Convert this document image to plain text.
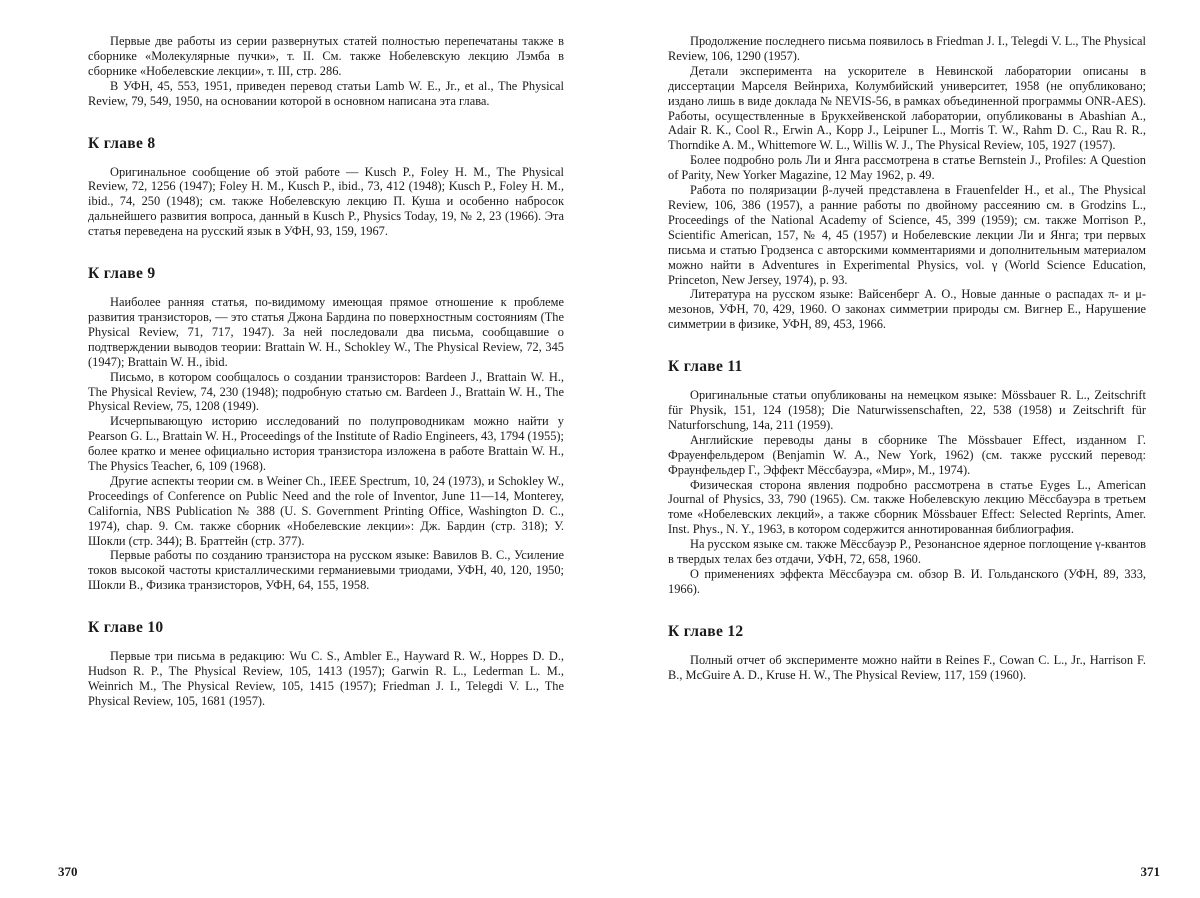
Первые две работы из серии развернутых статей полностью перепечатаны также в сборнике «Молекулярные пучки», т. II. См. также Нобелевскую лекцию Лэмба в сборнике «Нобелевские лекции», т. III, стр. 286.

В УФН, 45, 553, 1951, приведен перевод статьи Lamb W. E., Jr., et al., The Physical Review, 79, 549, 1950, на основании которой в основном написана эта глава.

К главе 8

Оригинальное сообщение об этой работе — Kusch P., Foley H. M., The Physical Review, 72, 1256 (1947); Foley H. M., Kusch P., ibid., 73, 412 (1948); Kusch P., Foley H. M., ibid., 74, 250 (1948); см. также Нобелевскую лекцию П. Куша и особенно набросок дальнейшего развития вопроса, данный в Kusch P., Physics Today, 19, № 2, 23 (1966). Эта статья переведена на русский язык в УФН, 93, 159, 1967.

К главе 9

Наиболее ранняя статья, по-видимому имеющая прямое отношение к проблеме развития транзисторов, — это статья Джона Бардина по поверхностным состояниям (The Physical Review, 71, 717, 1947). За ней последовали два письма, сообщавшие о подтверждении выводов теории: Brattain W. H., Schokley W., The Physical Review, 72, 345 (1947); Brattain W. H., ibid.

Письмо, в котором сообщалось о создании транзисторов: Bardeen J., Brattain W. H., The Physical Review, 74, 230 (1948); подробную статью см. Bardeen J., Brattain W. H., The Physical Review, 75, 1208 (1949).

Исчерпывающую историю исследований по полупроводникам можно найти у Pearson G. L., Brattain W. H., Proceedings of the Institute of Radio Engineers, 43, 1794 (1955); более кратко и менее официально история транзистора изложена в работе Brattain W. H., The Physics Teacher, 6, 109 (1968).

Другие аспекты теории см. в Weiner Ch., IEEE Spectrum, 10, 24 (1973), и Schokley W., Proceedings of Conference on Public Need and the role of Inventor, June 11—14, Monterey, California, NBS Publication № 388 (U. S. Government Printing Office, Washington D. C., 1974), chap. 9. См. также сборник «Нобелевские лекции»: Дж. Бардин (стр. 318); У. Шокли (стр. 344); В. Браттейн (стр. 377).

Первые работы по созданию транзистора на русском языке: Вавилов В. С., Усиление токов высокой частоты кристаллическими германиевыми триодами, УФН, 40, 120, 1950; Шокли В., Физика транзисторов, УФН, 64, 155, 1958.

К главе 10

Первые три письма в редакцию: Wu C. S., Ambler E., Hayward R. W., Hoppes D. D., Hudson R. P., The Physical Review, 105, 1413 (1957); Garwin R. L., Lederman L. M., Weinrich M., The Physical Review, 105, 1415 (1957); Friedman J. I., Telegdi V. L., The Physical Review, 105, 1681 (1957).

370

Продолжение последнего письма появилось в Friedman J. I., Telegdi V. L., The Physical Review, 106, 1290 (1957).

Детали эксперимента на ускорителе в Невинской лаборатории описаны в диссертации Марселя Вейнриха, Колумбийский университет, 1958 (не опубликовано; издано лишь в виде доклада № NEVIS-56, в рамках объединенной программы ONR-AES). Работы, осуществленные в Брукхейвенской лаборатории, опубликованы в Abashian A., Adair R. K., Cool R., Erwin A., Kopp J., Leipuner L., Morris T. W., Rahm D. C., Rau R. R., Thorndike A. M., Whittemore W. L., Willis W. J., The Physical Review, 105, 1927 (1957).

Более подробно роль Ли и Янга рассмотрена в статье Bernstein J., Profiles: A Question of Parity, New Yorker Magazine, 12 May 1962, p. 49.

Работа по поляризации β-лучей представлена в Frauenfelder H., et al., The Physical Review, 106, 386 (1957), а ранние работы по двойному рассеянию см. в Grodzins L., Proceedings of the National Academy of Science, 45, 399 (1959); см. также Morrison P., Scientific American, 157, № 4, 45 (1957) и Нобелевские лекции Ли и Янга; три первых письма и статью Гродзенса с авторскими комментариями и дополнительным материалом можно найти в Adventures in Experimental Physics, vol. γ (World Science Education, Princeton, New Jersey, 1974), p. 93.

Литература на русском языке: Вайсенберг А. О., Новые данные о распадах π- и μ-мезонов, УФН, 70, 429, 1960. О законах симметрии природы см. Вигнер Е., Нарушение симметрии в физике, УФН, 89, 453, 1966.

К главе 11

Оригинальные статьи опубликованы на немецком языке: Mössbauer R. L., Zeitschrift für Physik, 151, 124 (1958); Die Naturwissenschaften, 22, 538 (1958) и Zeitschrift für Naturforschung, 14a, 211 (1959).

Английские переводы даны в сборнике The Mössbauer Effect, изданном Г. Фрауенфельдером (Benjamin W. A., New York, 1962) (см. также русский перевод: Фраунфельдер Г., Эффект Мёссбауэра, «Мир», М., 1974).

Физическая сторона явления подробно рассмотрена в статье Eyges L., American Journal of Physics, 33, 790 (1965). См. также Нобелевскую лекцию Мёссбауэра в третьем томе «Нобелевских лекций», а также сборник Mössbauer Effect: Selected Reprints, Amer. Inst. Phys., N. Y., 1963, в котором содержится аннотированная библиография.

На русском языке см. также Мёссбауэр Р., Резонансное ядерное поглощение γ-квантов в твердых телах без отдачи, УФН, 72, 658, 1960.

О применениях эффекта Мёссбауэра см. обзор В. И. Гольданского (УФН, 89, 333, 1966).

К главе 12

Полный отчет об эксперименте можно найти в Reines F., Cowan C. L., Jr., Harrison F. B., McGuire A. D., Kruse H. W., The Physical Review, 117, 159 (1960).

371
